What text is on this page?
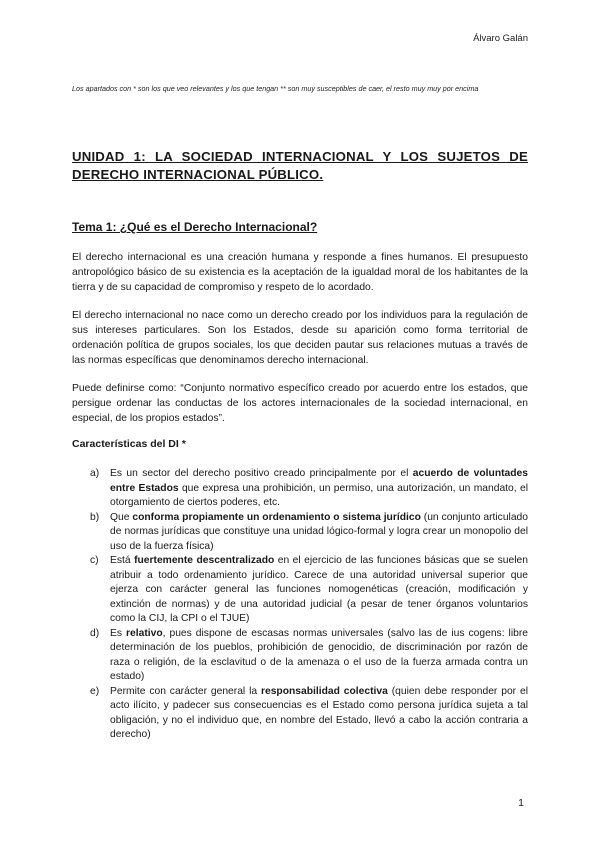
Álvaro Galán
Los apartados con * son los que veo relevantes y los que tengan ** son muy susceptibles de caer, el resto muy muy por encima
UNIDAD 1: LA SOCIEDAD INTERNACIONAL Y LOS SUJETOS DE DERECHO INTERNACIONAL PÚBLICO.
Tema 1: ¿Qué es el Derecho Internacional?

El derecho internacional es una creación humana y responde a fines humanos. El presupuesto antropológico básico de su existencia es la aceptación de la igualdad moral de los habitantes de la tierra y de su capacidad de compromiso y respeto de lo acordado.

El derecho internacional no nace como un derecho creado por los individuos para la regulación de sus intereses particulares. Son los Estados, desde su aparición como forma territorial de ordenación política de grupos sociales, los que deciden pautar sus relaciones mutuas a través de las normas específicas que denominamos derecho internacional.

Puede definirse como: “Conjunto normativo específico creado por acuerdo entre los estados, que persigue ordenar las conductas de los actores internacionales de la sociedad internacional, en especial, de los propios estados”.

Características del DI *
a) Es un sector del derecho positivo creado principalmente por el acuerdo de voluntades entre Estados que expresa una prohibición, un permiso, una autorización, un mandato, el otorgamiento de ciertos poderes, etc.
b) Que conforma propiamente un ordenamiento o sistema jurídico (un conjunto articulado de normas jurídicas que constituye una unidad lógico-formal y logra crear un monopolio del uso de la fuerza física)
c) Está fuertemente descentralizado en el ejercicio de las funciones básicas que se suelen atribuir a todo ordenamiento jurídico. Carece de una autoridad universal superior que ejerza con carácter general las funciones nomogenéticas (creación, modificación y extinción de normas) y de una autoridad judicial (a pesar de tener órganos voluntarios como la CIJ, la CPI o el TJUE)
d) Es relativo, pues dispone de escasas normas universales (salvo las de ius cogens: libre determinación de los pueblos, prohibición de genocidio, de discriminación por razón de raza o religión, de la esclavitud o de la amenaza o el uso de la fuerza armada contra un estado)
e) Permite con carácter general la responsabilidad colectiva (quien debe responder por el acto ilícito, y padecer sus consecuencias es el Estado como persona jurídica sujeta a tal obligación, y no el individuo que, en nombre del Estado, llevó a cabo la acción contraria a derecho)
1
